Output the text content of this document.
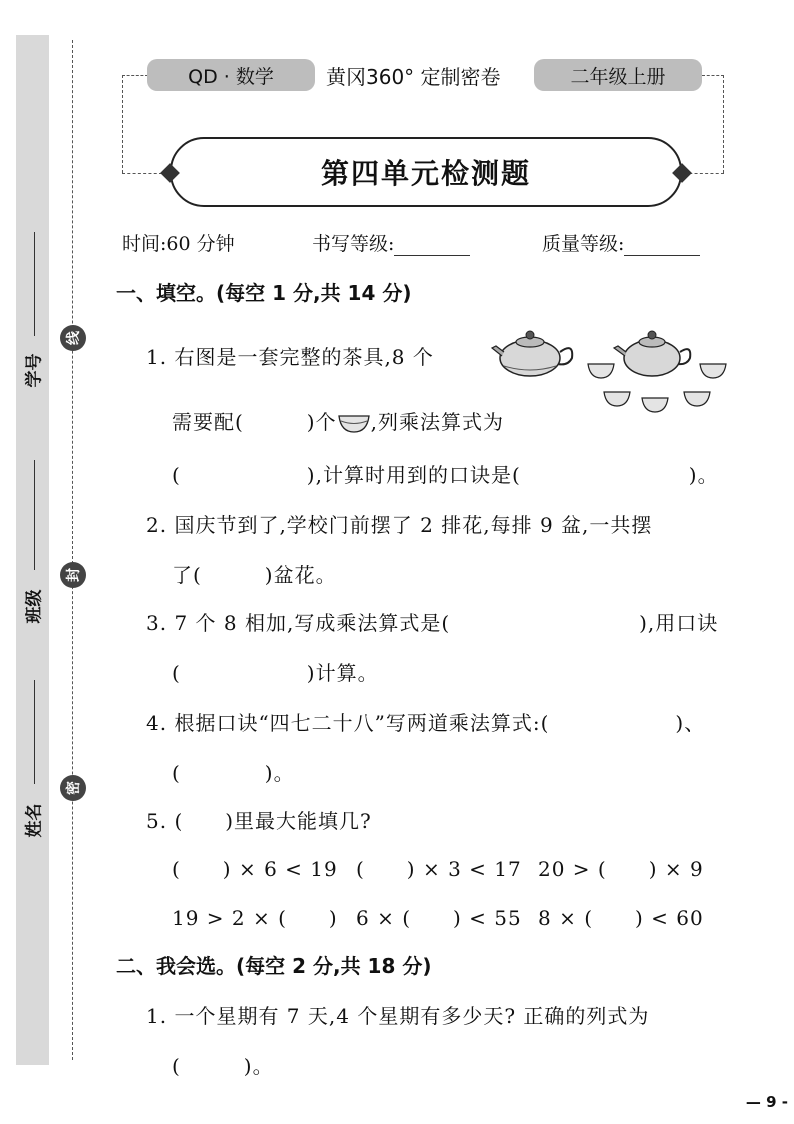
学号
班级
姓名
线
封
密
QD · 数学	黄冈360° 定制密卷	二年级上册
第四单元检测题
时间:60 分钟	书写等级:	质量等级:
一、填空。(每空 1 分,共 14 分)
1. 右图是一套完整的茶具,8 个
需要配(　　　)个 ,列乘法算式为
(　　　　　　),计算时用到的口诀是(　　　　　　　　)。
2. 国庆节到了,学校门前摆了 2 排花,每排 9 盆,一共摆
了(　　　)盆花。
3. 7 个 8 相加,写成乘法算式是(　　　　　　　　　),用口诀
(　　　　　　)计算。
4. 根据口诀“四七二十八”写两道乘法算式:(　　　　　　)、
(　　　　)。
5. (　　)里最大能填几?
(　　) × 6 < 19 (　　) × 3 < 17 20 > (　　) × 9
19 > 2 × (　　) 6 × (　　) < 55 8 × (　　) < 60
二、我会选。(每空 2 分,共 18 分)
1. 一个星期有 7 天,4 个星期有多少天? 正确的列式为
(　　　)。
— 9 -
